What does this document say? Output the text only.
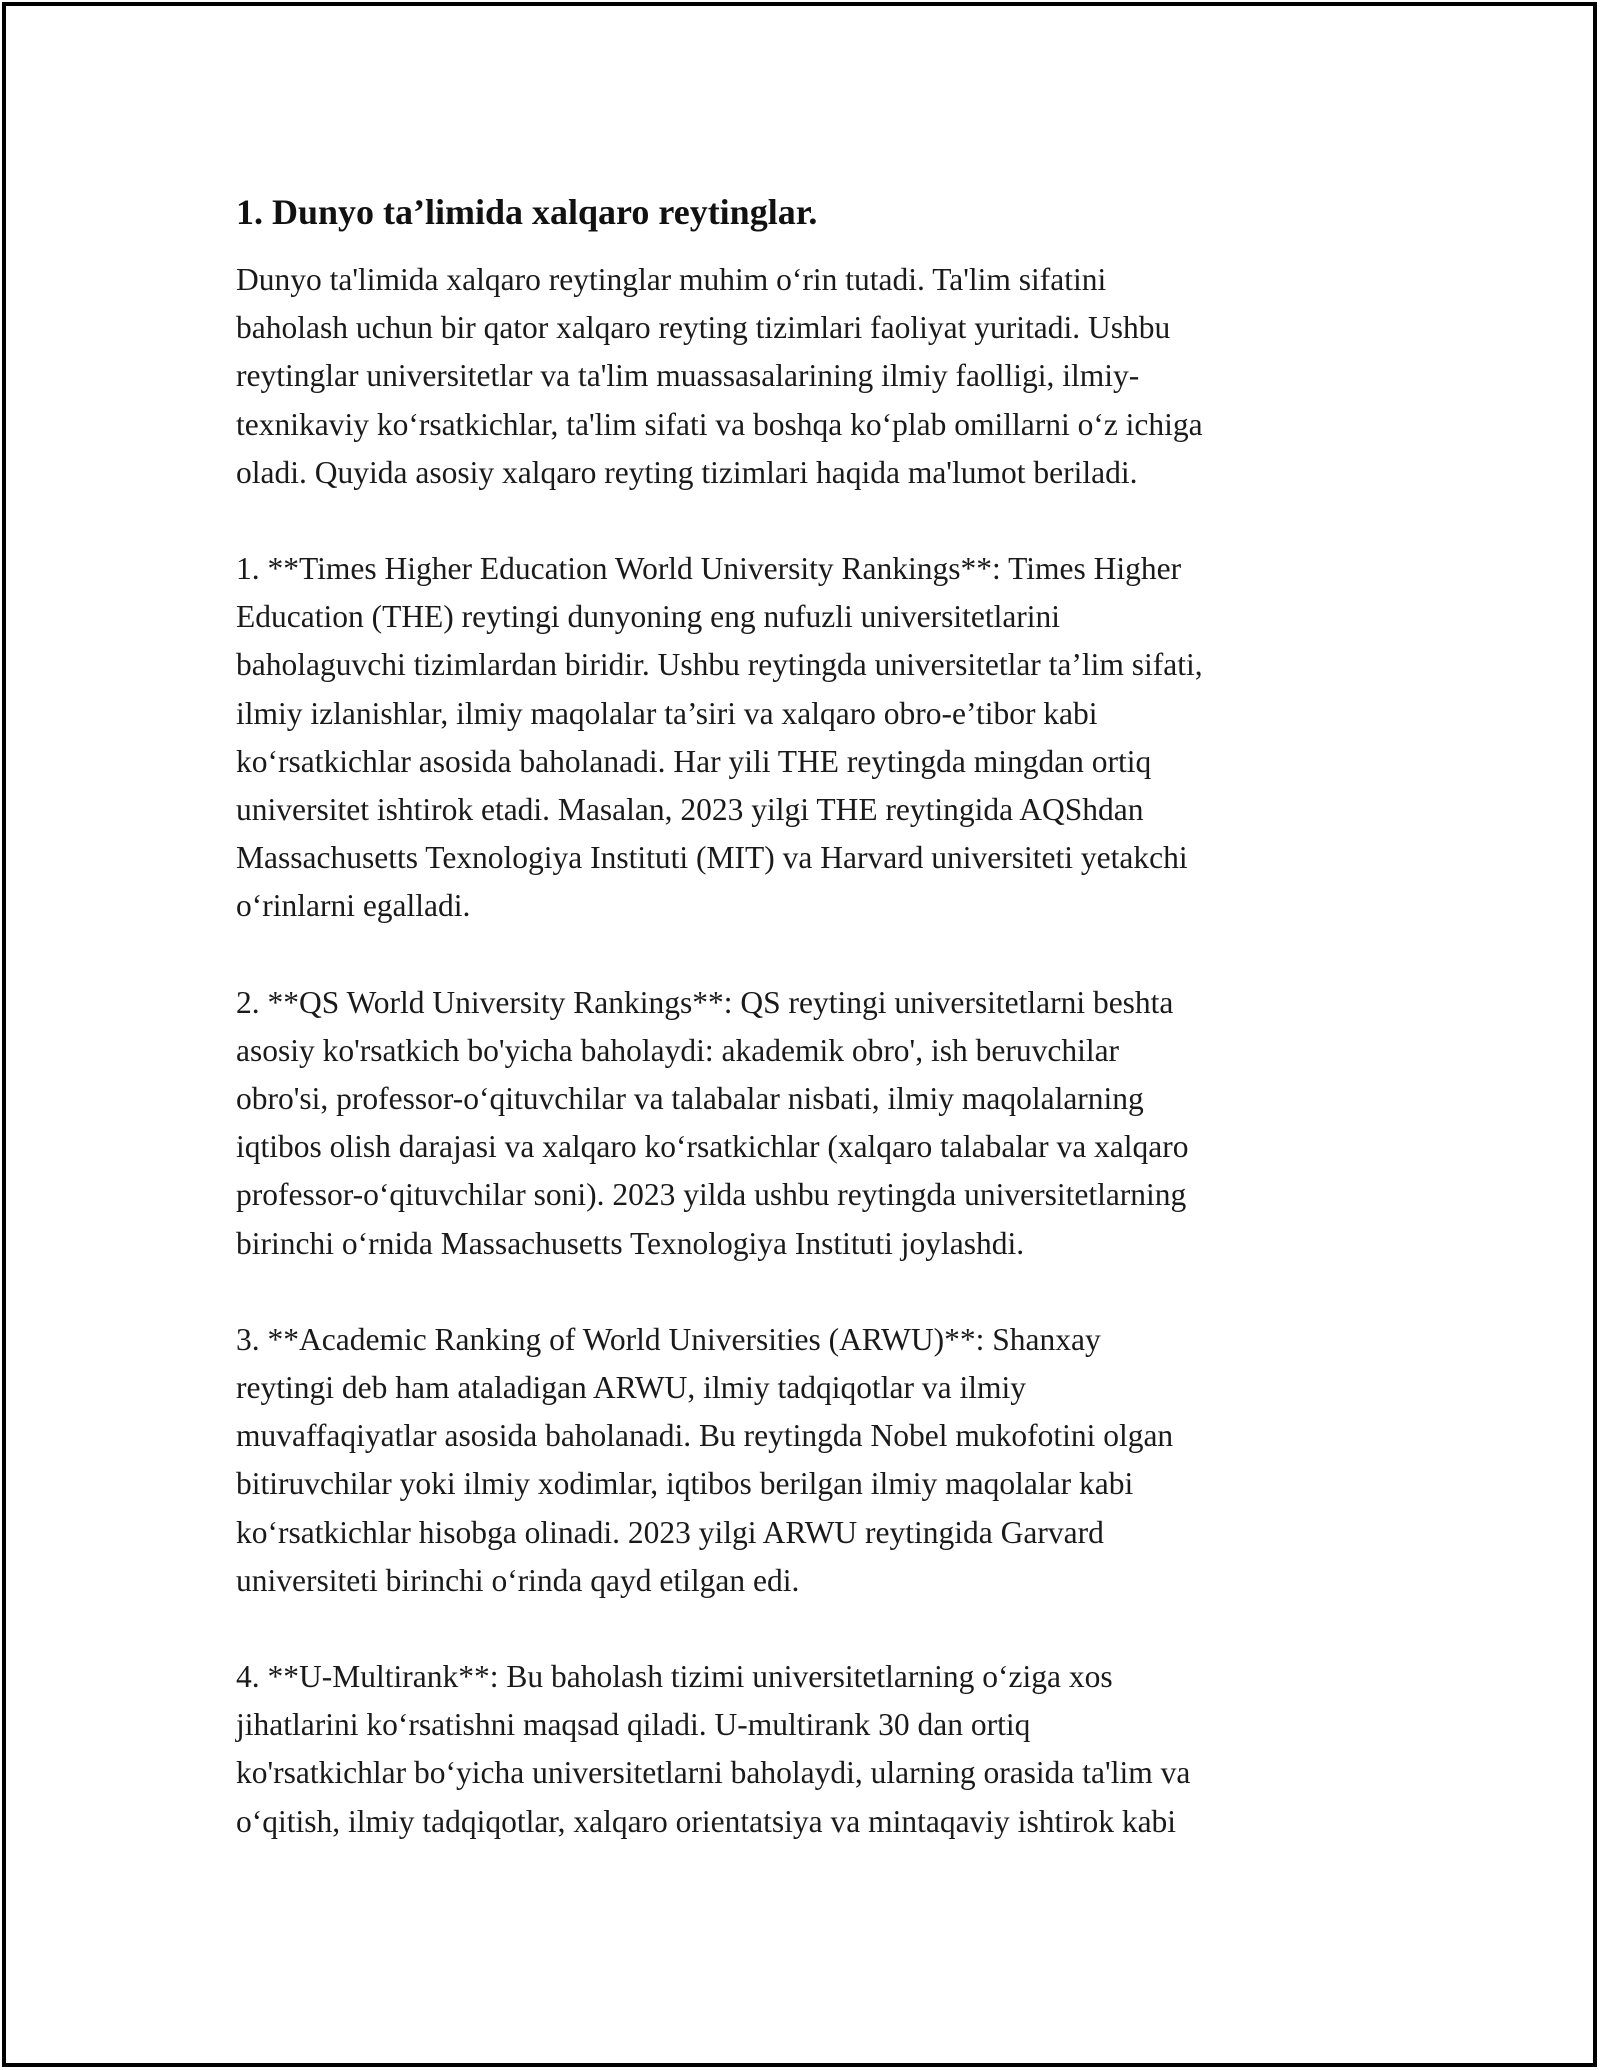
1. Dunyo ta’limida xalqaro reytinglar.
Dunyo ta'limida xalqaro reytinglar muhim o‘rin tutadi. Ta'lim sifatini
baholash uchun bir qator xalqaro reyting tizimlari faoliyat yuritadi. Ushbu
reytinglar universitetlar va ta'lim muassasalarining ilmiy faolligi, ilmiy-
texnikaviy ko‘rsatkichlar, ta'lim sifati va boshqa ko‘plab omillarni o‘z ichiga
oladi. Quyida asosiy xalqaro reyting tizimlari haqida ma'lumot beriladi.
1. **Times Higher Education World University Rankings**: Times Higher
Education (THE) reytingi dunyoning eng nufuzli universitetlarini
baholaguvchi tizimlardan biridir. Ushbu reytingda universitetlar ta’lim sifati,
ilmiy izlanishlar, ilmiy maqolalar ta’siri va xalqaro obro-e’tibor kabi
ko‘rsatkichlar asosida baholanadi. Har yili THE reytingda mingdan ortiq
universitet ishtirok etadi. Masalan, 2023 yilgi THE reytingida AQShdan
Massachusetts Texnologiya Instituti (MIT) va Harvard universiteti yetakchi
o‘rinlarni egalladi.
2. **QS World University Rankings**: QS reytingi universitetlarni beshta
asosiy ko'rsatkich bo'yicha baholaydi: akademik obro', ish beruvchilar
obro'si, professor-o‘qituvchilar va talabalar nisbati, ilmiy maqolalarning
iqtibos olish darajasi va xalqaro ko‘rsatkichlar (xalqaro talabalar va xalqaro
professor-o‘qituvchilar soni). 2023 yilda ushbu reytingda universitetlarning
birinchi o‘rnida Massachusetts Texnologiya Instituti joylashdi.
3. **Academic Ranking of World Universities (ARWU)**: Shanxay
reytingi deb ham ataladigan ARWU, ilmiy tadqiqotlar va ilmiy
muvaffaqiyatlar asosida baholanadi. Bu reytingda Nobel mukofotini olgan
bitiruvchilar yoki ilmiy xodimlar, iqtibos berilgan ilmiy maqolalar kabi
ko‘rsatkichlar hisobga olinadi. 2023 yilgi ARWU reytingida Garvard
universiteti birinchi o‘rinda qayd etilgan edi.
4. **U-Multirank**: Bu baholash tizimi universitetlarning o‘ziga xos
jihatlarini ko‘rsatishni maqsad qiladi. U-multirank 30 dan ortiq
ko'rsatkichlar bo‘yicha universitetlarni baholaydi, ularning orasida ta'lim va
o‘qitish, ilmiy tadqiqotlar, xalqaro orientatsiya va mintaqaviy ishtirok kabi
